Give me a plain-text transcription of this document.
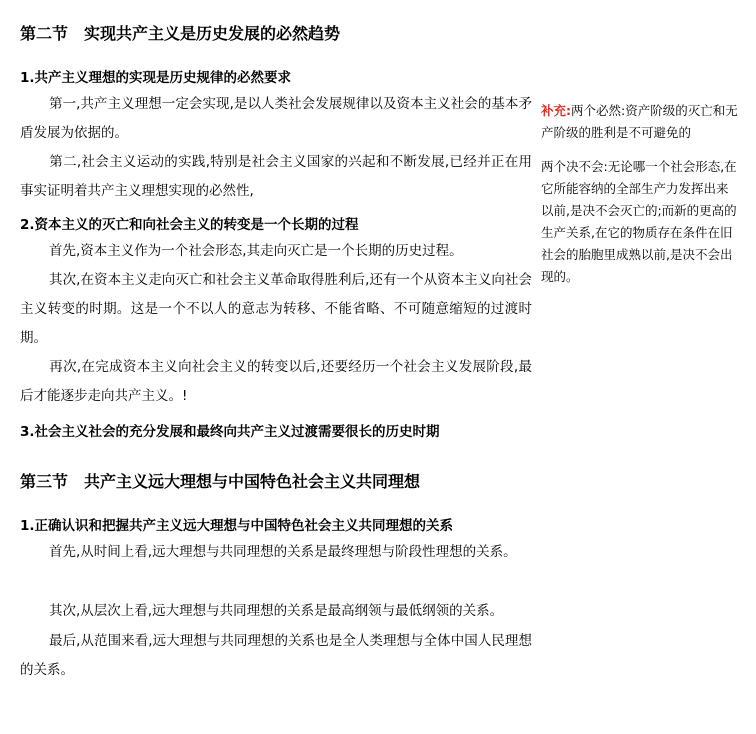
第二节 实现共产主义是历史发展的必然趋势
1.共产主义理想的实现是历史规律的必然要求
第一,共产主义理想一定会实现,是以人类社会发展规律以及资本主义社会的基本矛盾发展为依据的。
第二,社会主义运动的实践,特别是社会主义国家的兴起和不断发展,已经并正在用事实证明着共产主义理想实现的必然性,
2.资本主义的灭亡和向社会主义的转变是一个长期的过程
首先,资本主义作为一个社会形态,其走向灭亡是一个长期的历史过程。
其次,在资本主义走向灭亡和社会主义革命取得胜利后,还有一个从资本主义向社会主义转变的时期。这是一个不以人的意志为转移、不能省略、不可随意缩短的过渡时期。
再次,在完成资本主义向社会主义的转变以后,还要经历一个社会主义发展阶段,最后才能逐步走向共产主义。!
3.社会主义社会的充分发展和最终向共产主义过渡需要很长的历史时期
第三节 共产主义远大理想与中国特色社会主义共同理想
1.正确认识和把握共产主义远大理想与中国特色社会主义共同理想的关系
首先,从时间上看,远大理想与共同理想的关系是最终理想与阶段性理想的关系。
其次,从层次上看,远大理想与共同理想的关系是最高纲领与最低纲领的关系。
最后,从范围来看,远大理想与共同理想的关系也是全人类理想与全体中国人民理想的关系。
补充:两个必然:资产阶级的灭亡和无产阶级的胜利是不可避免的
两个决不会:无论哪一个社会形态,在它所能容纳的全部生产力发挥出来以前,是决不会灭亡的;而新的更高的生产关系,在它的物质存在条件在旧社会的胎胞里成熟以前,是决不会出现的。
